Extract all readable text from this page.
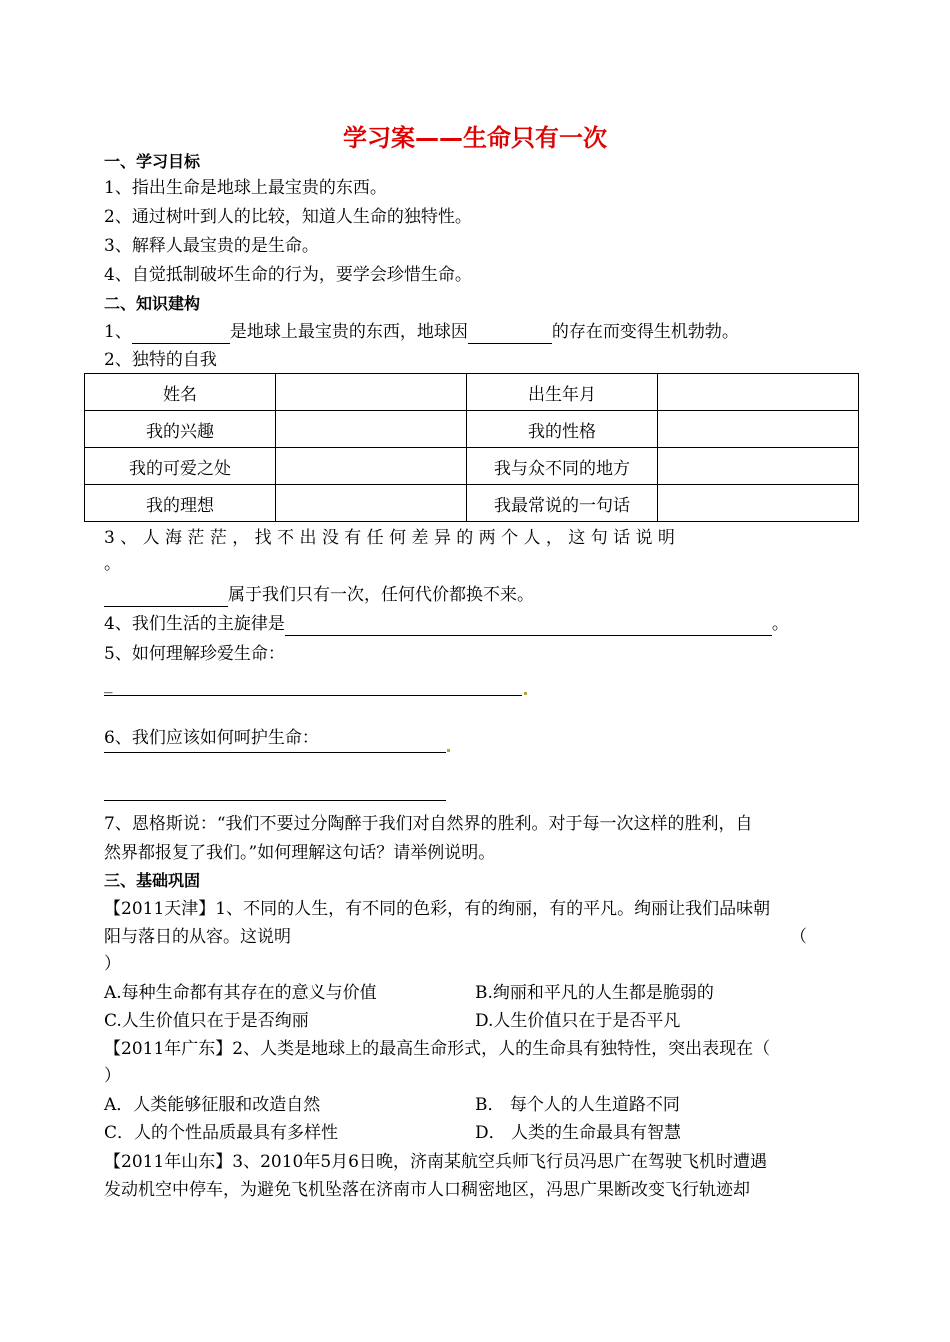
学习案——生命只有一次
一、学习目标
1、指出生命是地球上最宝贵的东西。
2、通过树叶到人的比较，知道人生命的独特性。
3、解释人最宝贵的是生命。
4、自觉抵制破坏生命的行为，要学会珍惜生命。
二、知识建构
1、	是地球上最宝贵的东西，地球因	的存在而变得生机勃勃。
2、独特的自我
姓名		出生年月	
我的兴趣		我的性格	
我的可爱之处		我与众不同的地方	
我的理想		我最常说的一句话	
3 、 人 海 茫 茫 ， 找 不 出 没 有 任 何 差 异 的 两 个 人 ， 这 句 话 说 明
。
属于我们只有一次，任何代价都换不来。
4、我们生活的主旋律是	。
5、如何理解珍爱生命：
_
6、我们应该如何呵护生命：
7、恩格斯说：“我们不要过分陶醉于我们对自然界的胜利。对于每一次这样的胜利，自
然界都报复了我们。”如何理解这句话？请举例说明。
三、基础巩固
【2011天津】1、不同的人生，有不同的色彩，有的绚丽，有的平凡。绚丽让我们品味朝
阳与落日的从容。这说明	（
）
A.每种生命都有其存在的意义与价值	B.绚丽和平凡的人生都是脆弱的
C.人生价值只在于是否绚丽	D.人生价值只在于是否平凡
【2011年广东】2、人类是地球上的最高生命形式，人的生命具有独特性，突出表现在（
）
A．人类能够征服和改造自然	B． 每个人的人生道路不同
C．人的个性品质最具有多样性	D． 人类的生命最具有智慧
【2011年山东】3、2010年5月6日晚，济南某航空兵师飞行员冯思广在驾驶飞机时遭遇
发动机空中停车，为避免飞机坠落在济南市人口稠密地区，冯思广果断改变飞行轨迹却
